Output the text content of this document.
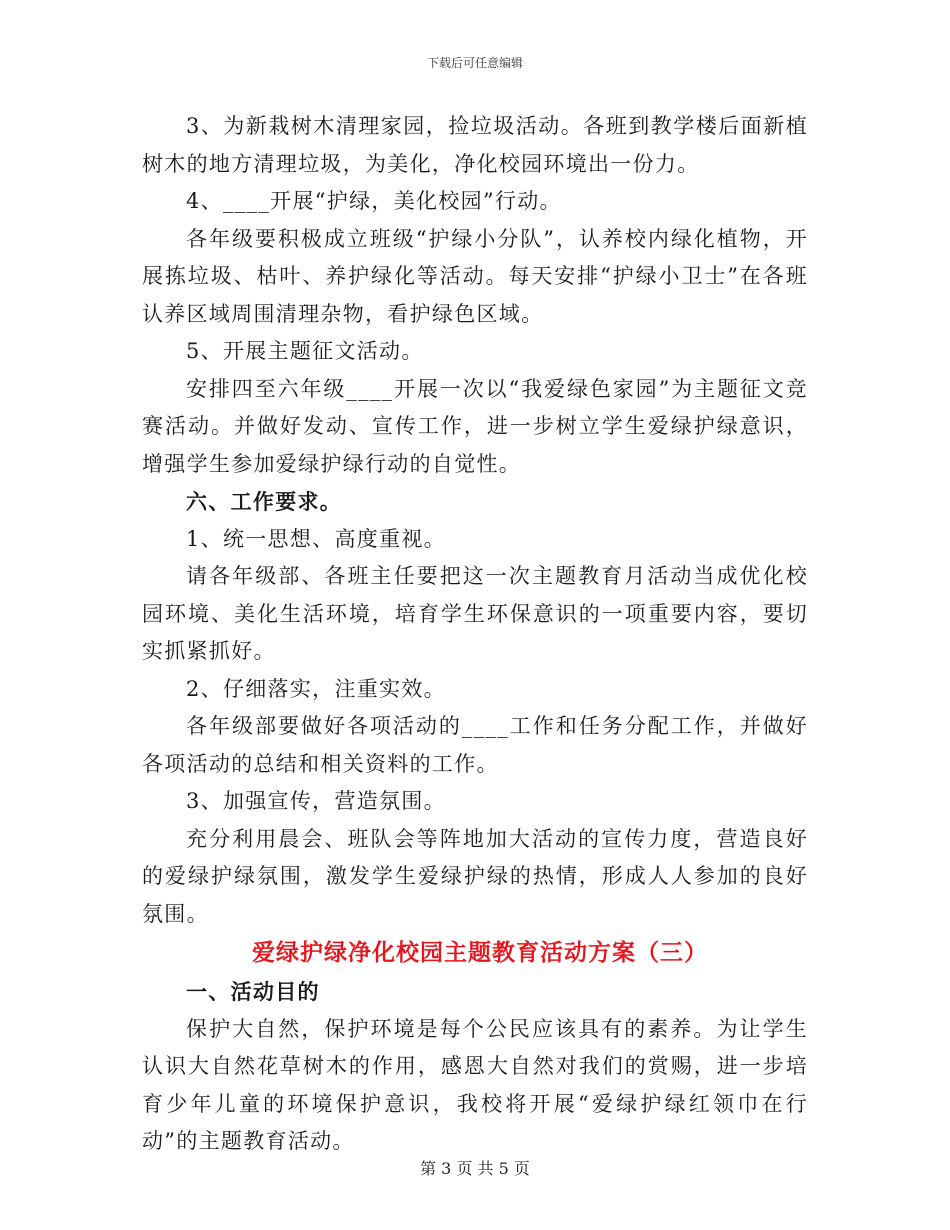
下载后可任意编辑

3、为新栽树木清理家园，捡垃圾活动。各班到教学楼后面新植树木的地方清理垃圾，为美化，净化校园环境出一份力。

4、____开展“护绿，美化校园”行动。

各年级要积极成立班级“护绿小分队”，认养校内绿化植物，开展拣垃圾、枯叶、养护绿化等活动。每天安排“护绿小卫士”在各班认养区域周围清理杂物，看护绿色区域。

5、开展主题征文活动。

安排四至六年级____开展一次以“我爱绿色家园”为主题征文竞赛活动。并做好发动、宣传工作，进一步树立学生爱绿护绿意识，增强学生参加爱绿护绿行动的自觉性。

六、工作要求。

1、统一思想、高度重视。

请各年级部、各班主任要把这一次主题教育月活动当成优化校园环境、美化生活环境，培育学生环保意识的一项重要内容，要切实抓紧抓好。

2、仔细落实，注重实效。

各年级部要做好各项活动的____工作和任务分配工作，并做好各项活动的总结和相关资料的工作。

3、加强宣传，营造氛围。

充分利用晨会、班队会等阵地加大活动的宣传力度，营造良好的爱绿护绿氛围，激发学生爱绿护绿的热情，形成人人参加的良好氛围。

爱绿护绿净化校园主题教育活动方案（三）

一、活动目的

保护大自然，保护环境是每个公民应该具有的素养。为让学生认识大自然花草树木的作用，感恩大自然对我们的赏赐，进一步培育少年儿童的环境保护意识，我校将开展“爱绿护绿红领巾在行动”的主题教育活动。

第 3 页 共 5 页
